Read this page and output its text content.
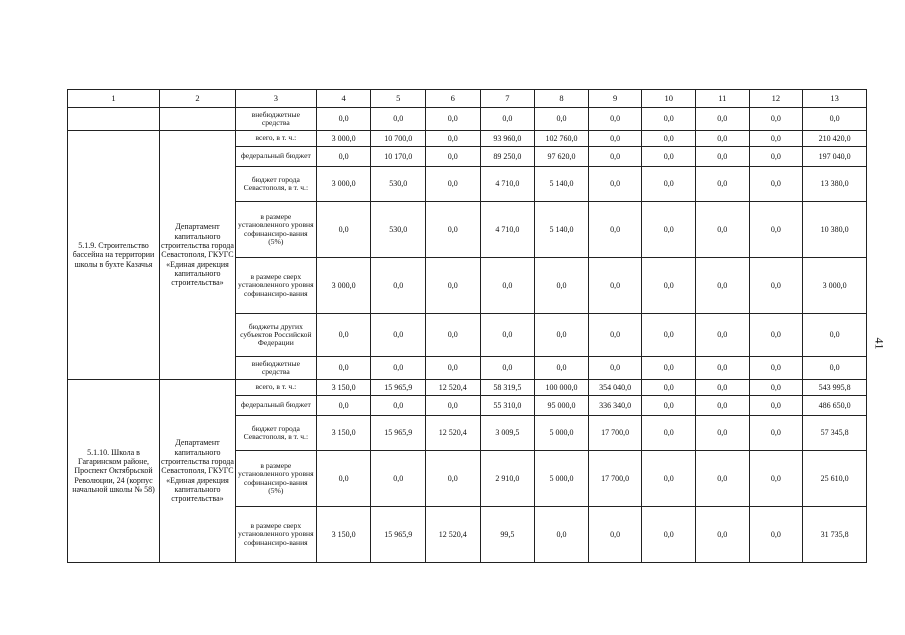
1	2	3	4	5	6	7	8	9	10	11	12	13
		внебюджетные средства	0,0	0,0	0,0	0,0	0,0	0,0	0,0	0,0	0,0	0,0
5.1.9. Строительство бассейна на территории школы в бухте Казачья	Департамент капитального строительства города Севастополя, ГКУГС «Единая дирекция капитального строительства»	всего, в т. ч.:	3 000,0	10 700,0	0,0	93 960,0	102 760,0	0,0	0,0	0,0	0,0	210 420,0
		федеральный бюджет	0,0	10 170,0	0,0	89 250,0	97 620,0	0,0	0,0	0,0	0,0	197 040,0
		бюджет города Севастополя, в т. ч.:	3 000,0	530,0	0,0	4 710,0	5 140,0	0,0	0,0	0,0	0,0	13 380,0
		в размере установленного уровня софинансиро-вания (5%)	0,0	530,0	0,0	4 710,0	5 140,0	0,0	0,0	0,0	0,0	10 380,0
		в размере сверх установленного уровня софинансиро-вания	3 000,0	0,0	0,0	0,0	0,0	0,0	0,0	0,0	0,0	3 000,0
		бюджеты других субъектов Российской Федерации	0,0	0,0	0,0	0,0	0,0	0,0	0,0	0,0	0,0	0,0
		внебюджетные средства	0,0	0,0	0,0	0,0	0,0	0,0	0,0	0,0	0,0	0,0
5.1.10. Школа в Гагаринском районе, Проспект Октябрьской Революции, 24 (корпус начальной школы № 58)	Департамент капитального строительства города Севастополя, ГКУГС «Единая дирекция капитального строительства»	всего, в т. ч.:	3 150,0	15 965,9	12 520,4	58 319,5	100 000,0	354 040,0	0,0	0,0	0,0	543 995,8
		федеральный бюджет	0,0	0,0	0,0	55 310,0	95 000,0	336 340,0	0,0	0,0	0,0	486 650,0
		бюджет города Севастополя, в т. ч.:	3 150,0	15 965,9	12 520,4	3 009,5	5 000,0	17 700,0	0,0	0,0	0,0	57 345,8
		в размере установленного уровня софинансиро-вания (5%)	0,0	0,0	0,0	2 910,0	5 000,0	17 700,0	0,0	0,0	0,0	25 610,0
		в размере сверх установленного уровня софинансиро-вания	3 150,0	15 965,9	12 520,4	99,5	0,0	0,0	0,0	0,0	0,0	31 735,8
41
